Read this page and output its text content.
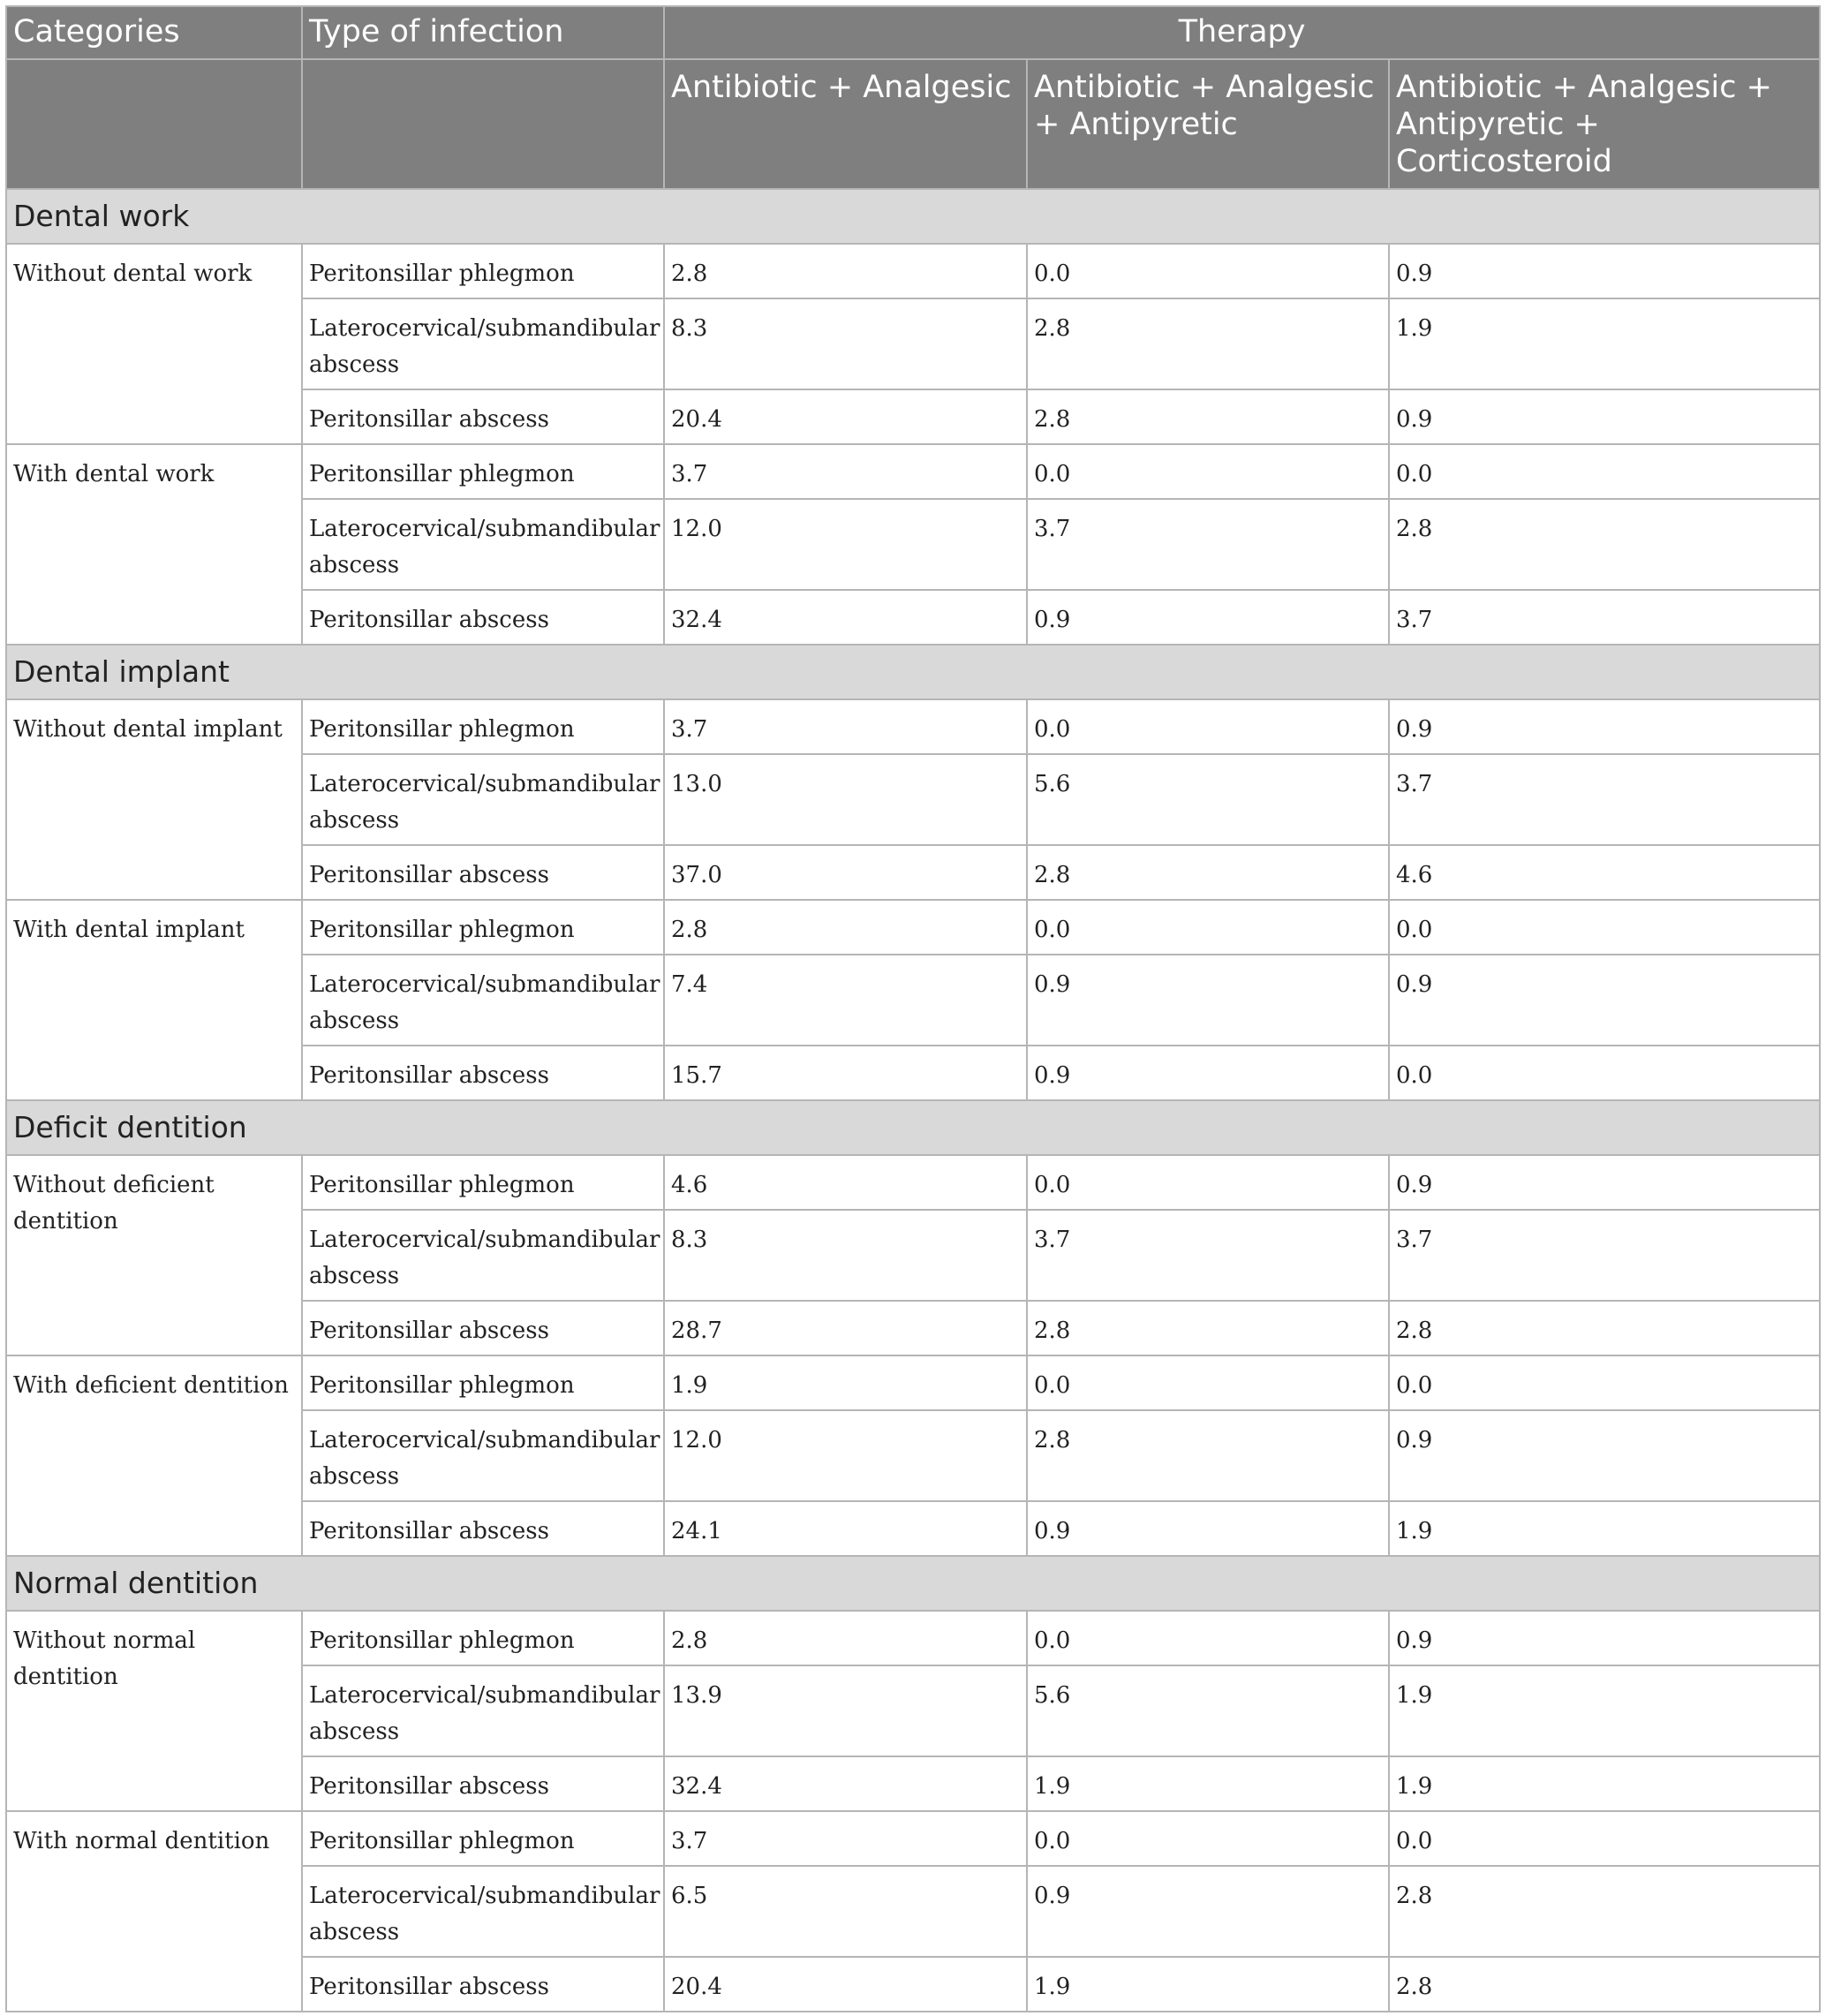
Categories	Type of infection	Therapy		
		Antibiotic + Analgesic	Antibiotic + Analgesic + Antipyretic	Antibiotic + Analgesic + Antipyretic + Corticosteroid
Dental work				
Without dental work	Peritonsillar phlegmon	2.8	0.0	0.9
	Laterocervical/submandibular abscess	8.3	2.8	1.9
	Peritonsillar abscess	20.4	2.8	0.9
With dental work	Peritonsillar phlegmon	3.7	0.0	0.0
	Laterocervical/submandibular abscess	12.0	3.7	2.8
	Peritonsillar abscess	32.4	0.9	3.7
Dental implant				
Without dental implant	Peritonsillar phlegmon	3.7	0.0	0.9
	Laterocervical/submandibular abscess	13.0	5.6	3.7
	Peritonsillar abscess	37.0	2.8	4.6
With dental implant	Peritonsillar phlegmon	2.8	0.0	0.0
	Laterocervical/submandibular abscess	7.4	0.9	0.9
	Peritonsillar abscess	15.7	0.9	0.0
Deficit dentition				
Without deficient dentition	Peritonsillar phlegmon	4.6	0.0	0.9
	Laterocervical/submandibular abscess	8.3	3.7	3.7
	Peritonsillar abscess	28.7	2.8	2.8
With deficient dentition	Peritonsillar phlegmon	1.9	0.0	0.0
	Laterocervical/submandibular abscess	12.0	2.8	0.9
	Peritonsillar abscess	24.1	0.9	1.9
Normal dentition				
Without normal dentition	Peritonsillar phlegmon	2.8	0.0	0.9
	Laterocervical/submandibular abscess	13.9	5.6	1.9
	Peritonsillar abscess	32.4	1.9	1.9
With normal dentition	Peritonsillar phlegmon	3.7	0.0	0.0
	Laterocervical/submandibular abscess	6.5	0.9	2.8
	Peritonsillar abscess	20.4	1.9	2.8
